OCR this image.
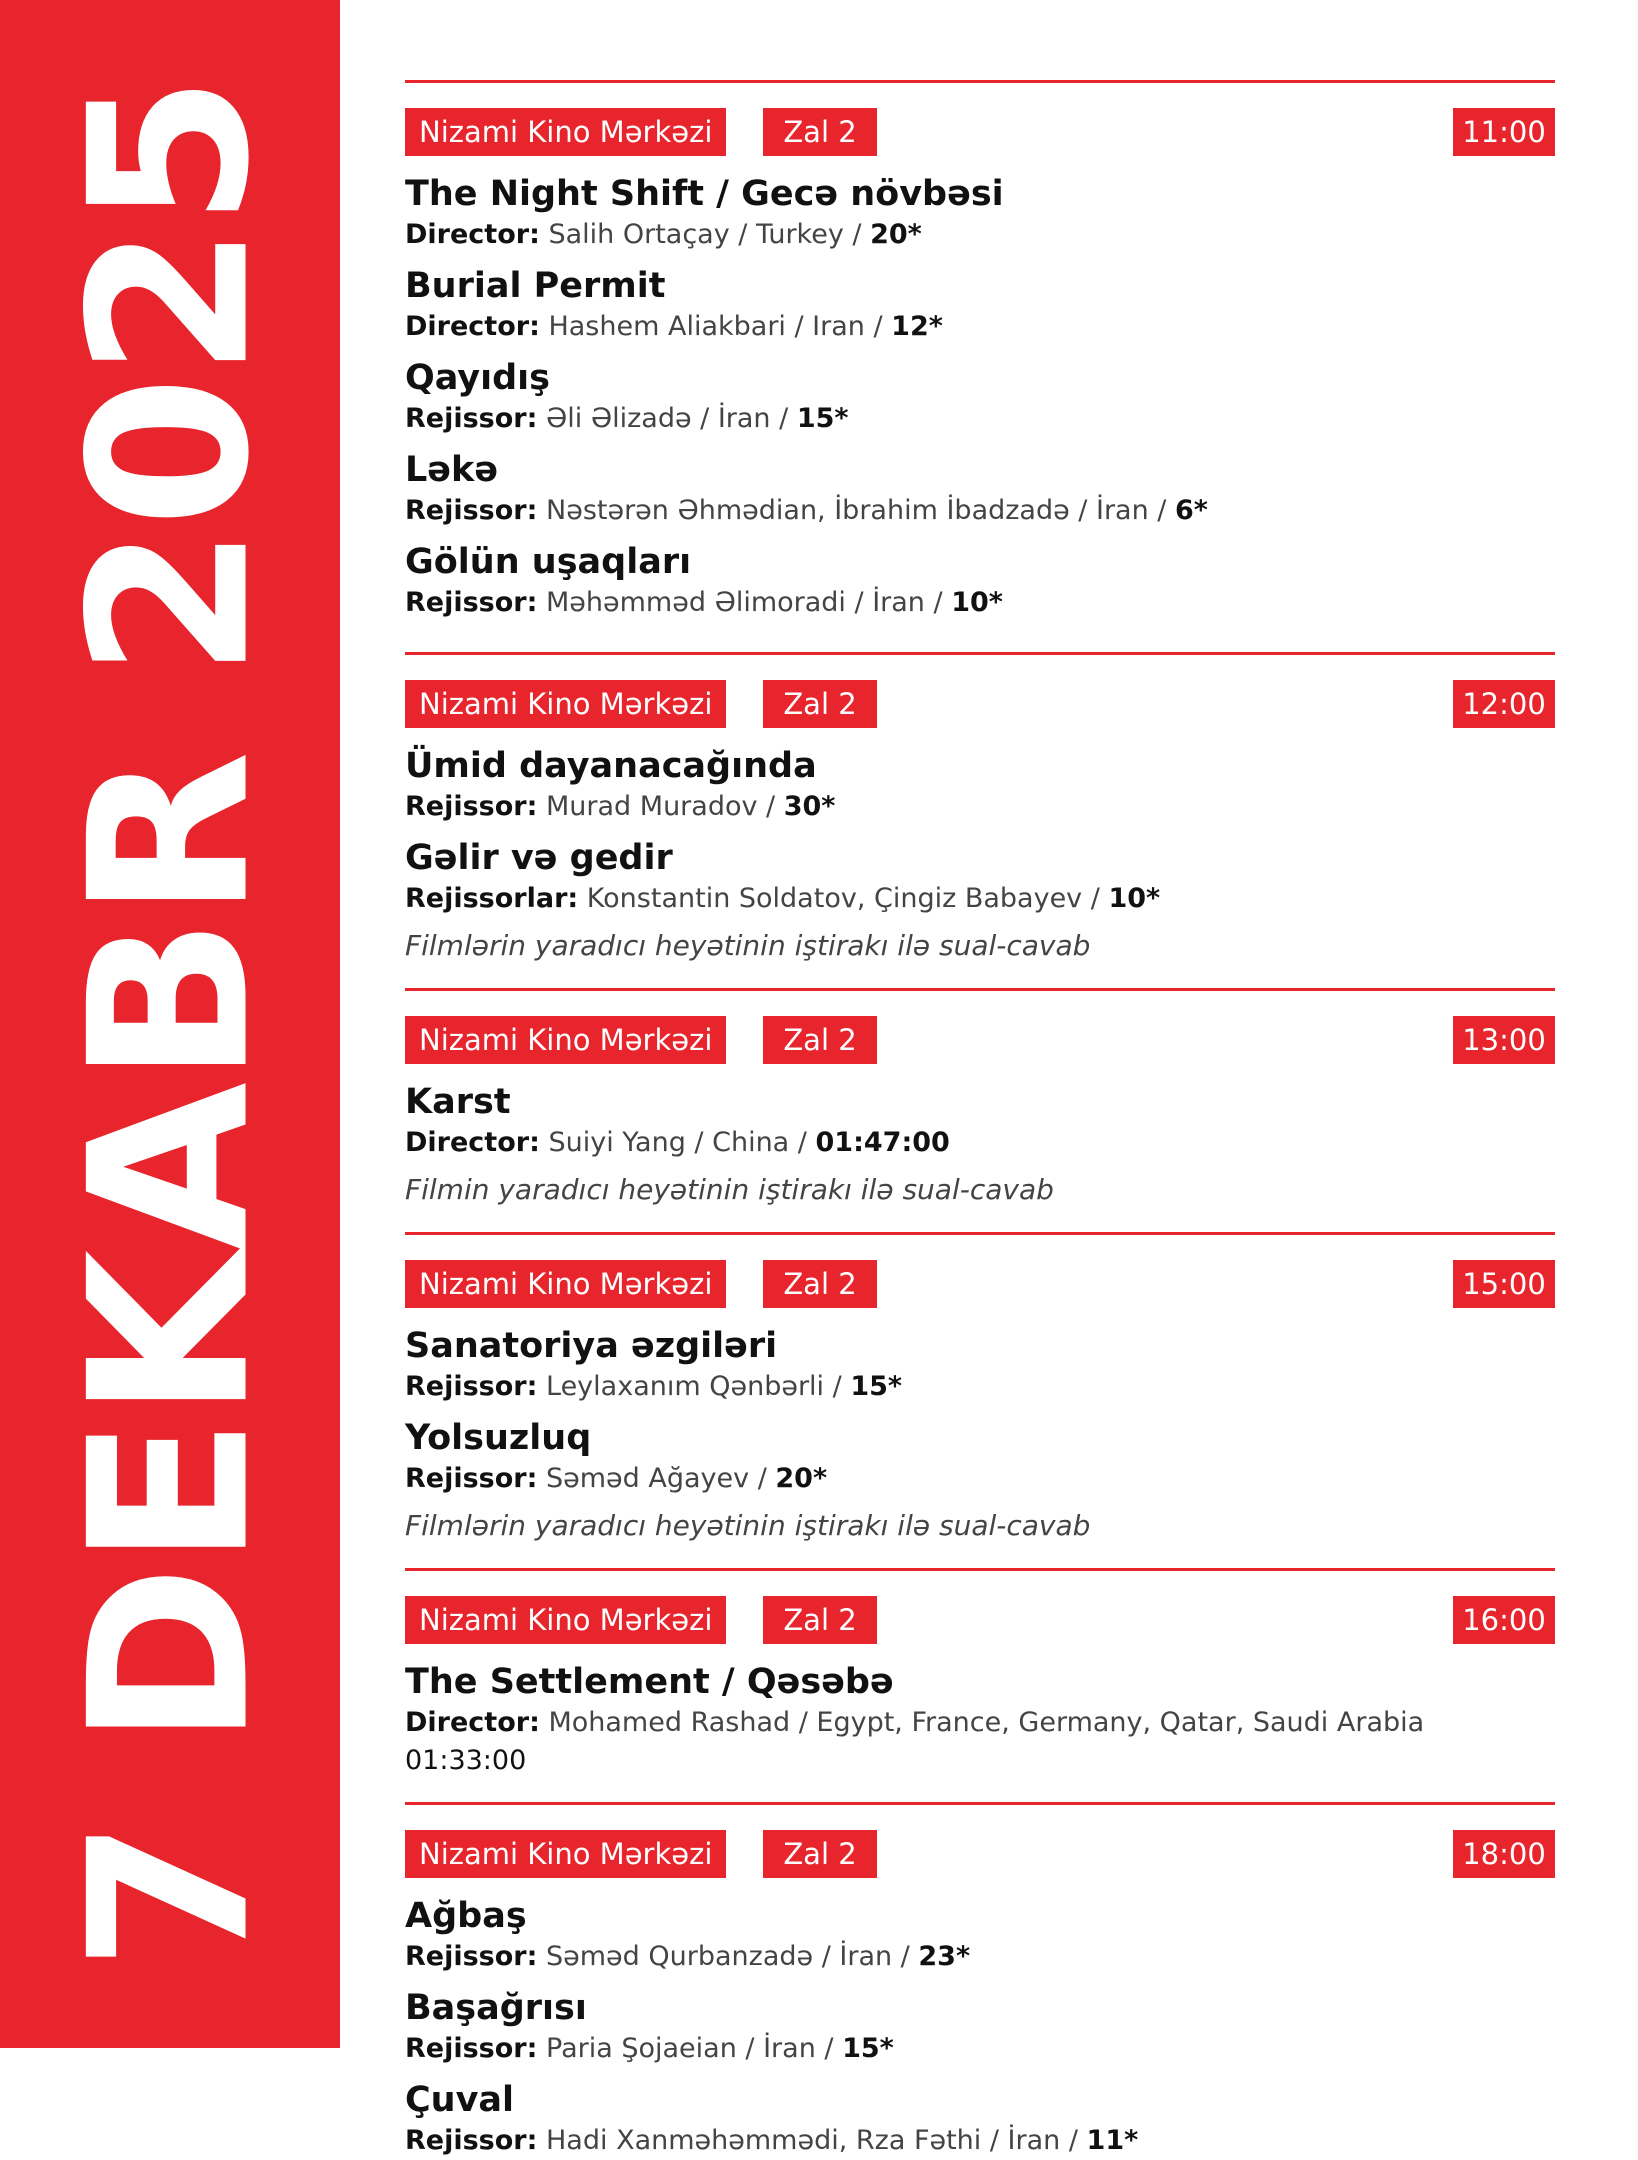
7 DEKABR 2025	Nizami Kino Mərkəzi	Zal 2	11:00
The Night Shift / Gecə növbəsi
Director: Salih Ortaçay / Turkey / 20*
Burial Permit
Director: Hashem Aliakbari / Iran / 12*
Qayıdış
Rejissor: Əli Əlizadə / İran / 15*
Ləkə
Rejissor: Nəstərən Əhmədian, İbrahim İbadzadə / İran / 6*
Gölün uşaqları
Rejissor: Məhəmməd Əlimoradi / İran / 10*
Nizami Kino Mərkəzi	Zal 2	12:00
Ümid dayanacağında
Rejissor: Murad Muradov / 30*
Gəlir və gedir
Rejissorlar: Konstantin Soldatov, Çingiz Babayev / 10*
Filmlərin yaradıcı heyətinin iştirakı ilə sual-cavab
Nizami Kino Mərkəzi	Zal 2	13:00
Karst
Director: Suiyi Yang / China / 01:47:00
Filmin yaradıcı heyətinin iştirakı ilə sual-cavab
Nizami Kino Mərkəzi	Zal 2	15:00
Sanatoriya əzgiləri
Rejissor: Leylaxanım Qənbərli / 15*
Yolsuzluq
Rejissor: Səməd Ağayev / 20*
Filmlərin yaradıcı heyətinin iştirakı ilə sual-cavab
Nizami Kino Mərkəzi	Zal 2	16:00
The Settlement / Qəsəbə
Director: Mohamed Rashad / Egypt, France, Germany, Qatar, Saudi Arabia
01:33:00
Nizami Kino Mərkəzi	Zal 2	18:00
Ağbaş
Rejissor: Səməd Qurbanzadə / İran / 23*
Başağrısı
Rejissor: Paria Şojaeian / İran / 15*
Çuval
Rejissor: Hadi Xanməhəmmədi, Rza Fəthi / İran / 11*
